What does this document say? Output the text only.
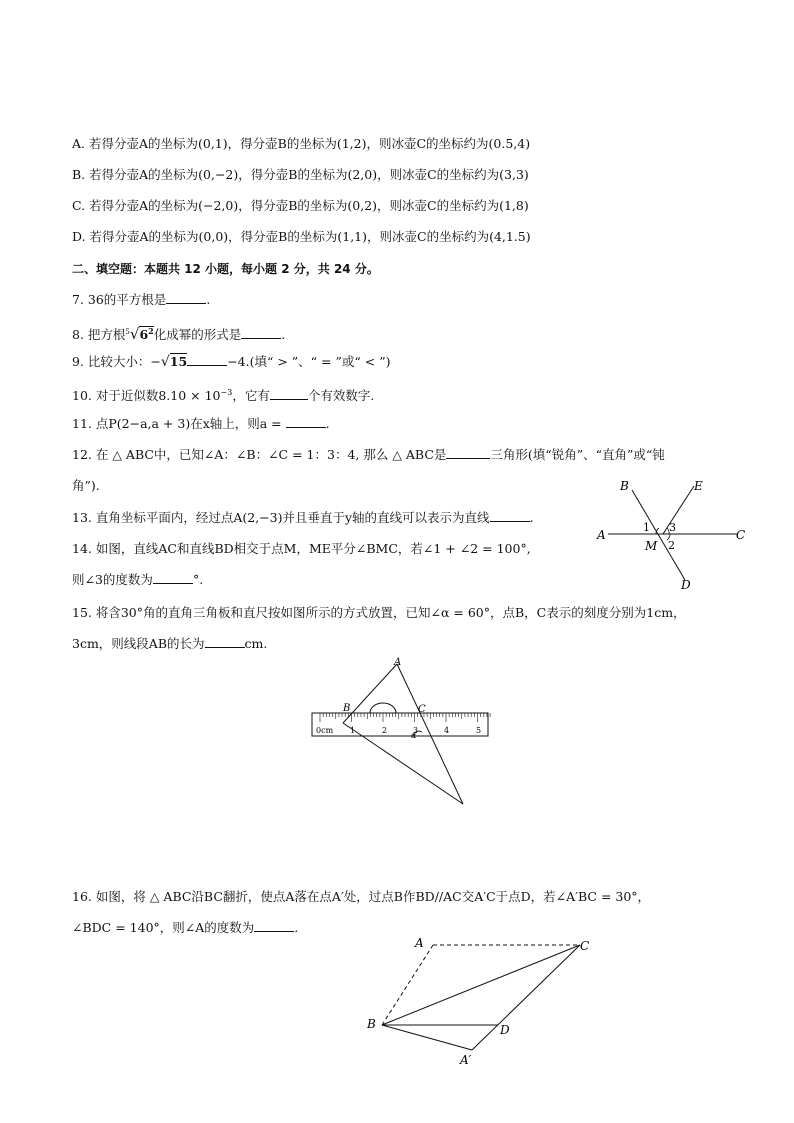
A. 若得分壶A的坐标为(0,1)，得分壶B的坐标为(1,2)，则冰壶C的坐标约为(0.5,4)
B. 若得分壶A的坐标为(0,−2)，得分壶B的坐标为(2,0)，则冰壶C的坐标约为(3,3)
C. 若得分壶A的坐标为(−2,0)，得分壶B的坐标为(0,2)，则冰壶C的坐标约为(1,8)
D. 若得分壶A的坐标为(0,0)，得分壶B的坐标为(1,1)，则冰壶C的坐标约为(4,1.5)
二、填空题：本题共 12 小题，每小题 2 分，共 24 分。
7. 36的平方根是	.
8. 把方根$^5√6^2$化成幂的形式是	.
9. 比较大小：−√15	−4.(填“ > ”、“ = ”或“ < ”)
10. 对于近似数$8.10 \times 10^{-3}$，它有	个有效数字.
11. 点P(2−a,a + 3)在x轴上，则a =	.
12. 在 △ ABC中，已知∠A：∠B：∠C = 1：3：4, 那么 △ ABC是	三角形(填“锐角”、“直角”或“钝
角”).
13. 直角坐标平面内，经过点A(2,−3)并且垂直于y轴的直线可以表示为直线	.
14. 如图，直线AC和直线BD相交于点M，ME平分∠BMC，若∠1 + ∠2 = 100°,
则∠3的度数为	°.
B	E
A	C
M
D
1 3
2
15. 将含30°角的直角三角板和直尺按如图所示的方式放置，已知∠α = 60°，点B，C表示的刻度分别为1cm，
3cm，则线段AB的长为	cm.
A
B	C
α
0cm 1	2	3	4	5
16. 如图，将 △ ABC沿BC翻折，使点A落在点A′处，过点B作BD//AC交A′C于点D，若∠A′BC = 30°，
∠BDC = 140°，则∠A的度数为	.
A	C
B	D
A′
